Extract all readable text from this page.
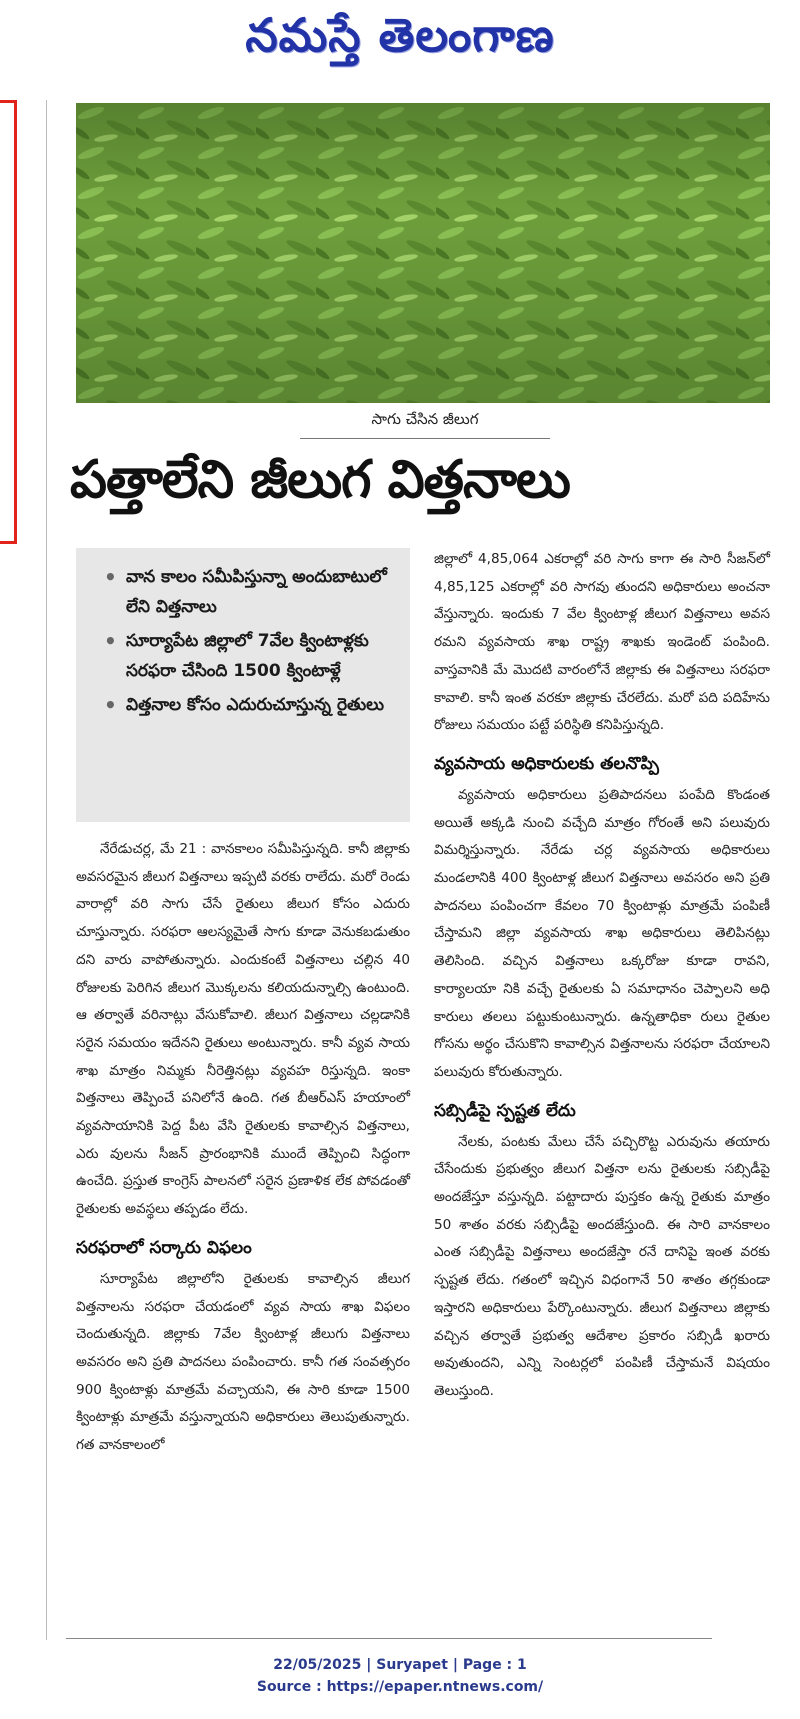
నమస్తే తెలంగాణ
సాగు చేసిన జీలుగ
పత్తాలేని జీలుగ విత్తనాలు
• వాన కాలం సమీపిస్తున్నా అందుబాటులో లేని విత్తనాలు
• సూర్యాపేట జిల్లాలో 7వేల క్వింటాళ్లకు సరఫరా చేసింది 1500 క్వింటాళ్లే
• విత్తనాల కోసం ఎదురుచూస్తున్న రైతులు

నేరేడుచర్ల, మే 21 : వానకాలం సమీపిస్తున్నది. కానీ జిల్లాకు అవసరమైన జీలుగ విత్తనాలు ఇప్పటి వరకు రాలేదు. మరో రెండు వారాల్లో వరి సాగు చేసే రైతులు జీలుగ కోసం ఎదురు చూస్తున్నారు. సరఫరా ఆలస్యమైతే సాగు కూడా వెనుకబడుతుం దని వారు వాపోతున్నారు. ఎందుకంటే విత్తనాలు చల్లిన 40 రోజులకు పెరిగిన జీలుగ మొక్కలను కలియదున్నాల్సి ఉంటుంది. ఆ తర్వాతే వరినాట్లు వేసుకోవాలి. జీలుగ విత్తనాలు చల్లడానికి సరైన సమయం ఇదేనని రైతులు అంటున్నారు. కానీ వ్యవ సాయ శాఖ మాత్రం నిమ్మకు నీరెత్తినట్లు వ్యవహ రిస్తున్నది. ఇంకా విత్తనాలు తెప్పించే పనిలోనే ఉంది. గత బీఆర్ఎస్ హయాంలో వ్యవసాయానికి పెద్ద పీట వేసి రైతులకు కావాల్సిన విత్తనాలు, ఎరు వులను సీజన్ ప్రారంభానికి ముందే తెప్పించి సిద్ధంగా ఉంచేది. ప్రస్తుత కాంగ్రెస్ పాలనలో సరైన ప్రణాళిక లేక పోవడంతో రైతులకు అవస్థలు తప్పడం లేదు.

సరఫరాలో సర్కారు విఫలం

సూర్యాపేట జిల్లాలోని రైతులకు కావాల్సిన జీలుగ విత్తనాలను సరఫరా చేయడంలో వ్యవ సాయ శాఖ విఫలం చెందుతున్నది. జిల్లాకు 7వేల క్వింటాళ్ల జీలుగు విత్తనాలు అవసరం అని ప్రతి పాదనలు పంపించారు. కానీ గత సంవత్సరం 900 క్వింటాళ్లు మాత్రమే వచ్చాయని, ఈ సారి కూడా 1500 క్వింటాళ్లు మాత్రమే వస్తున్నాయని అధికారులు తెలుపుతున్నారు. గత వానకాలంలో

జిల్లాలో 4,85,064 ఎకరాల్లో వరి సాగు కాగా ఈ సారి సీజన్‌లో 4,85,125 ఎకరాల్లో వరి సాగవు తుందని అధికారులు అంచనా వేస్తున్నారు. ఇందుకు 7 వేల క్వింటాళ్ల జీలుగ విత్తనాలు అవస రమని వ్యవసాయ శాఖ రాష్ట్ర శాఖకు ఇండెంట్ పంపింది. వాస్తవానికి మే మొదటి వారంలోనే జిల్లాకు ఈ విత్తనాలు సరఫరా కావాలి. కానీ ఇంత వరకూ జిల్లాకు చేరలేదు. మరో పది పదిహేను రోజులు సమయం పట్టే పరిస్థితి కనిపిస్తున్నది.

వ్యవసాయ అధికారులకు తలనొప్పి

వ్యవసాయ అధికారులు ప్రతిపాదనలు పంపేది కొండంత అయితే అక్కడి నుంచి వచ్చేది మాత్రం గోరంతే అని పలువురు విమర్శిస్తున్నారు. నేరేడు చర్ల వ్యవసాయ అధికారులు మండలానికి 400 క్వింటాళ్ల జీలుగ విత్తనాలు అవసరం అని ప్రతి పాదనలు పంపించగా కేవలం 70 క్వింటాళ్లు మాత్రమే పంపిణీ చేస్తామని జిల్లా వ్యవసాయ శాఖ అధికారులు తెలిపినట్లు తెలిసింది. వచ్చిన విత్తనాలు ఒక్కరోజు కూడా రావని, కార్యాలయా నికి వచ్చే రైతులకు ఏ సమాధానం చెప్పాలని అధి కారులు తలలు పట్టుకుంటున్నారు. ఉన్నతాధికా రులు రైతుల గోసను అర్థం చేసుకొని కావాల్సిన విత్తనాలను సరఫరా చేయాలని పలువురు కోరుతున్నారు.

సబ్సిడీపై స్పష్టత లేదు

నేలకు, పంటకు మేలు చేసే పచ్చిరొట్ట ఎరువును తయారు చేసేందుకు ప్రభుత్వం జీలుగ విత్తనా లను రైతులకు సబ్సిడీపై అందజేస్తూ వస్తున్నది. పట్టాదారు పుస్తకం ఉన్న రైతుకు మాత్రం 50 శాతం వరకు సబ్సిడీపై అందజేస్తుంది. ఈ సారి వానకాలం ఎంత సబ్సిడీపై విత్తనాలు అందజేస్తా రనే దానిపై ఇంత వరకు స్పష్టత లేదు. గతంలో ఇచ్చిన విధంగానే 50 శాతం తగ్గకుండా ఇస్తారని అధికారులు పేర్కొంటున్నారు. జీలుగ విత్తనాలు జిల్లాకు వచ్చిన తర్వాతే ప్రభుత్వ ఆదేశాల ప్రకారం సబ్సిడీ ఖరారు అవుతుందని, ఎన్ని సెంటర్లలో పంపిణీ చేస్తామనే విషయం తెలుస్తుంది.

22/05/2025 | Suryapet | Page : 1
Source : https://epaper.ntnews.com/
